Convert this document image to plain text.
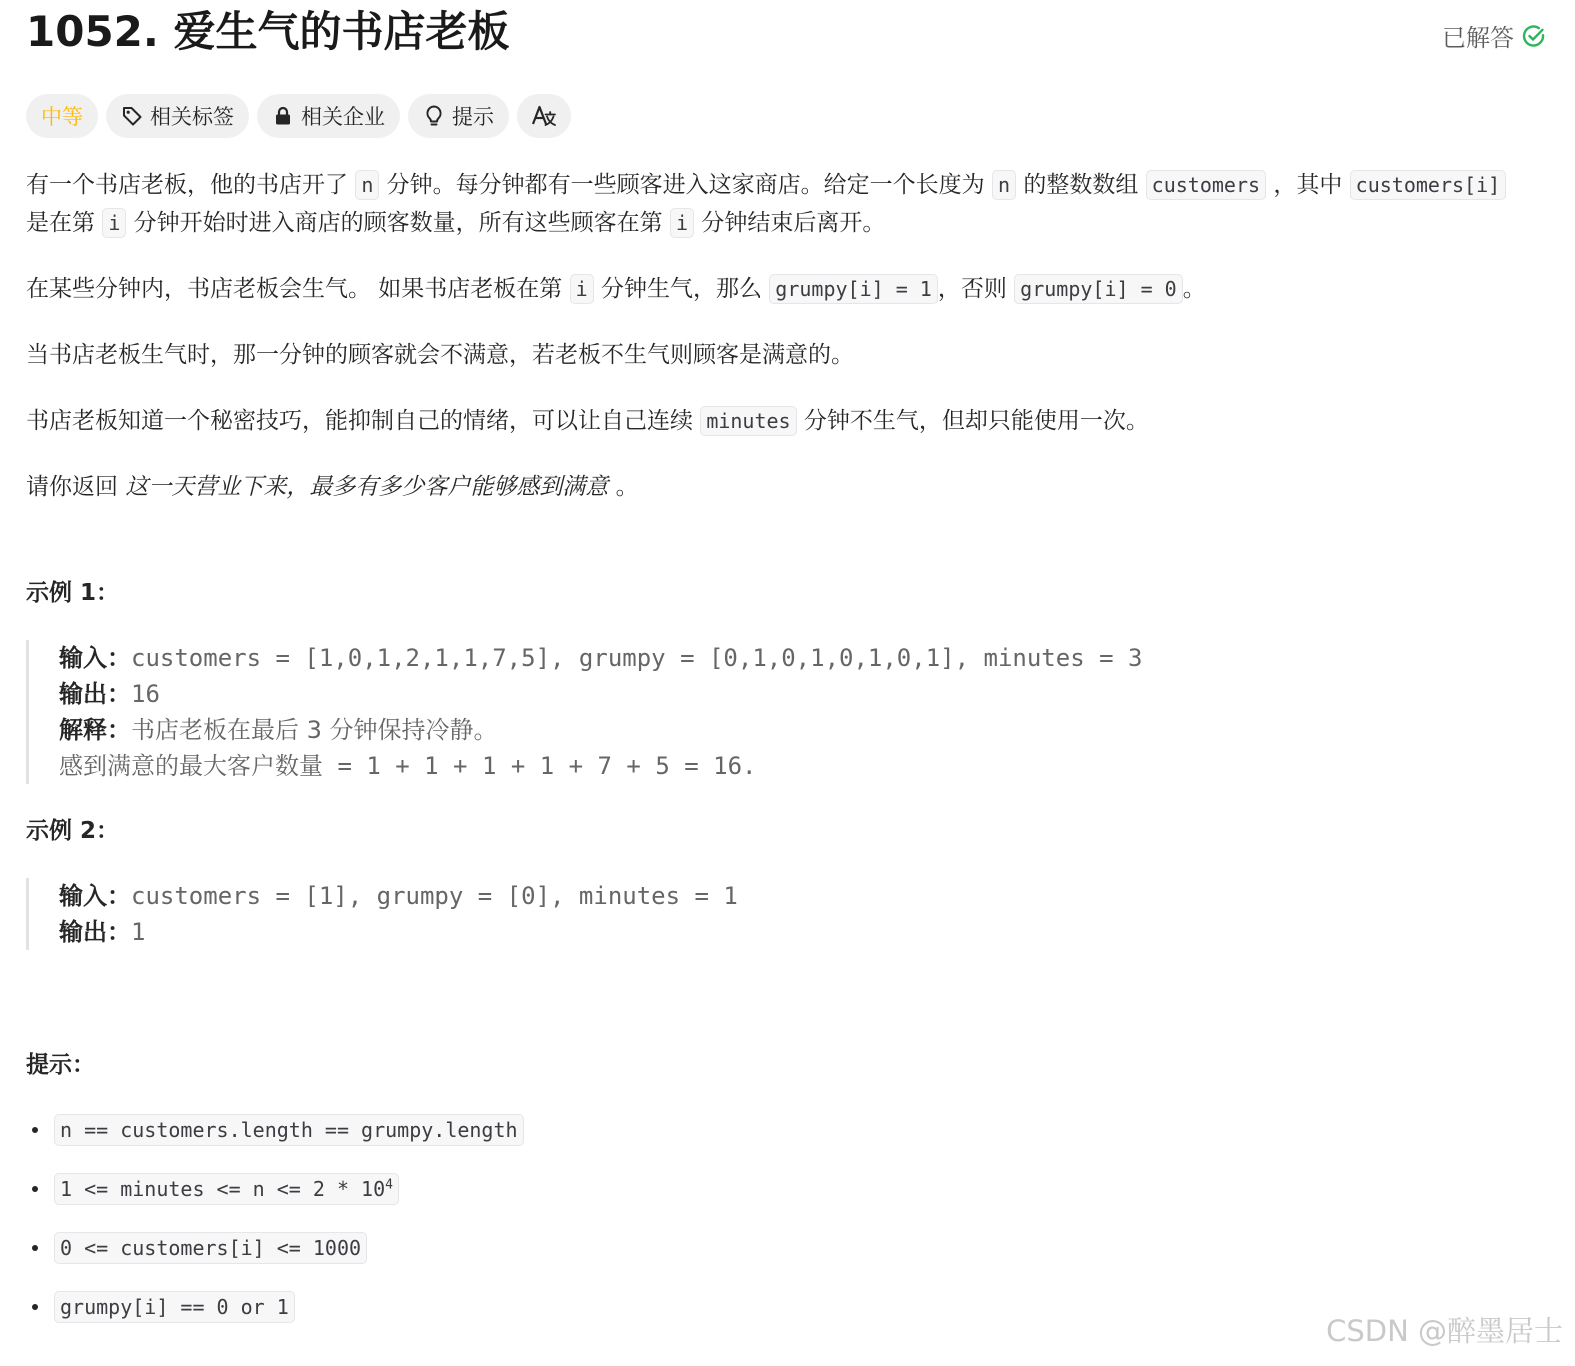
1052. 爱生气的书店老板	已解答
中等	相关标签	相关企业	提示

有一个书店老板，他的书店开了 n 分钟。每分钟都有一些顾客进入这家商店。给定一个长度为 n 的整数数组 customers ，其中 customers[i] 是在第 i 分钟开始时进入商店的顾客数量，所有这些顾客在第 i 分钟结束后离开。

在某些分钟内，书店老板会生气。 如果书店老板在第 i 分钟生气，那么 grumpy[i] = 1 ，否则 grumpy[i] = 0 。

当书店老板生气时，那一分钟的顾客就会不满意，若老板不生气则顾客是满意的。

书店老板知道一个秘密技巧，能抑制自己的情绪，可以让自己连续 minutes 分钟不生气，但却只能使用一次。

请你返回 这一天营业下来，最多有多少客户能够感到满意 。

示例 1：
输入：customers = [1,0,1,2,1,1,7,5], grumpy = [0,1,0,1,0,1,0,1], minutes = 3
输出：16
解释：书店老板在最后 3 分钟保持冷静。
感到满意的最大客户数量 = 1 + 1 + 1 + 1 + 7 + 5 = 16.
示例 2：
输入：customers = [1], grumpy = [0], minutes = 1
输出：1
提示：
n == customers.length == grumpy.length
1 <= minutes <= $n <= 2 * 10^4$
0 <= customers[i] <= 1000
grumpy[i] == 0 or 1
CSDN @醉墨居士
